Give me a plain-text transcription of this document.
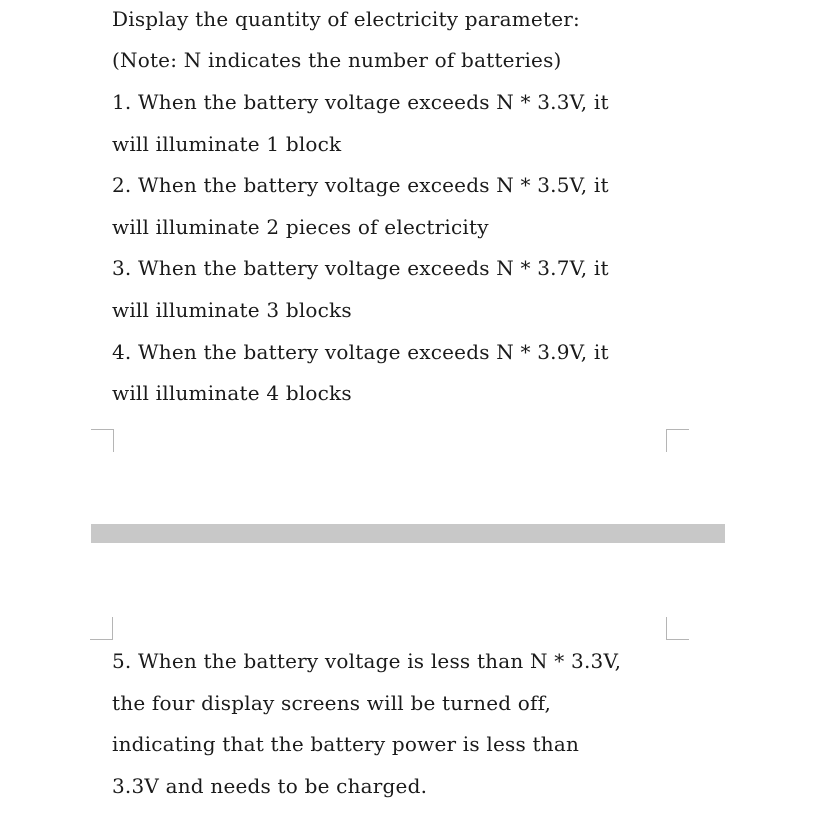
Display the quantity of electricity parameter:
(Note: N indicates the number of batteries)
1. When the battery voltage exceeds N * 3.3V, it
will illuminate 1 block
2. When the battery voltage exceeds N * 3.5V, it
will illuminate 2 pieces of electricity
3. When the battery voltage exceeds N * 3.7V, it
will illuminate 3 blocks
4. When the battery voltage exceeds N * 3.9V, it
will illuminate 4 blocks
5. When the battery voltage is less than N * 3.3V,
the four display screens will be turned off,
indicating that the battery power is less than
3.3V and needs to be charged.
